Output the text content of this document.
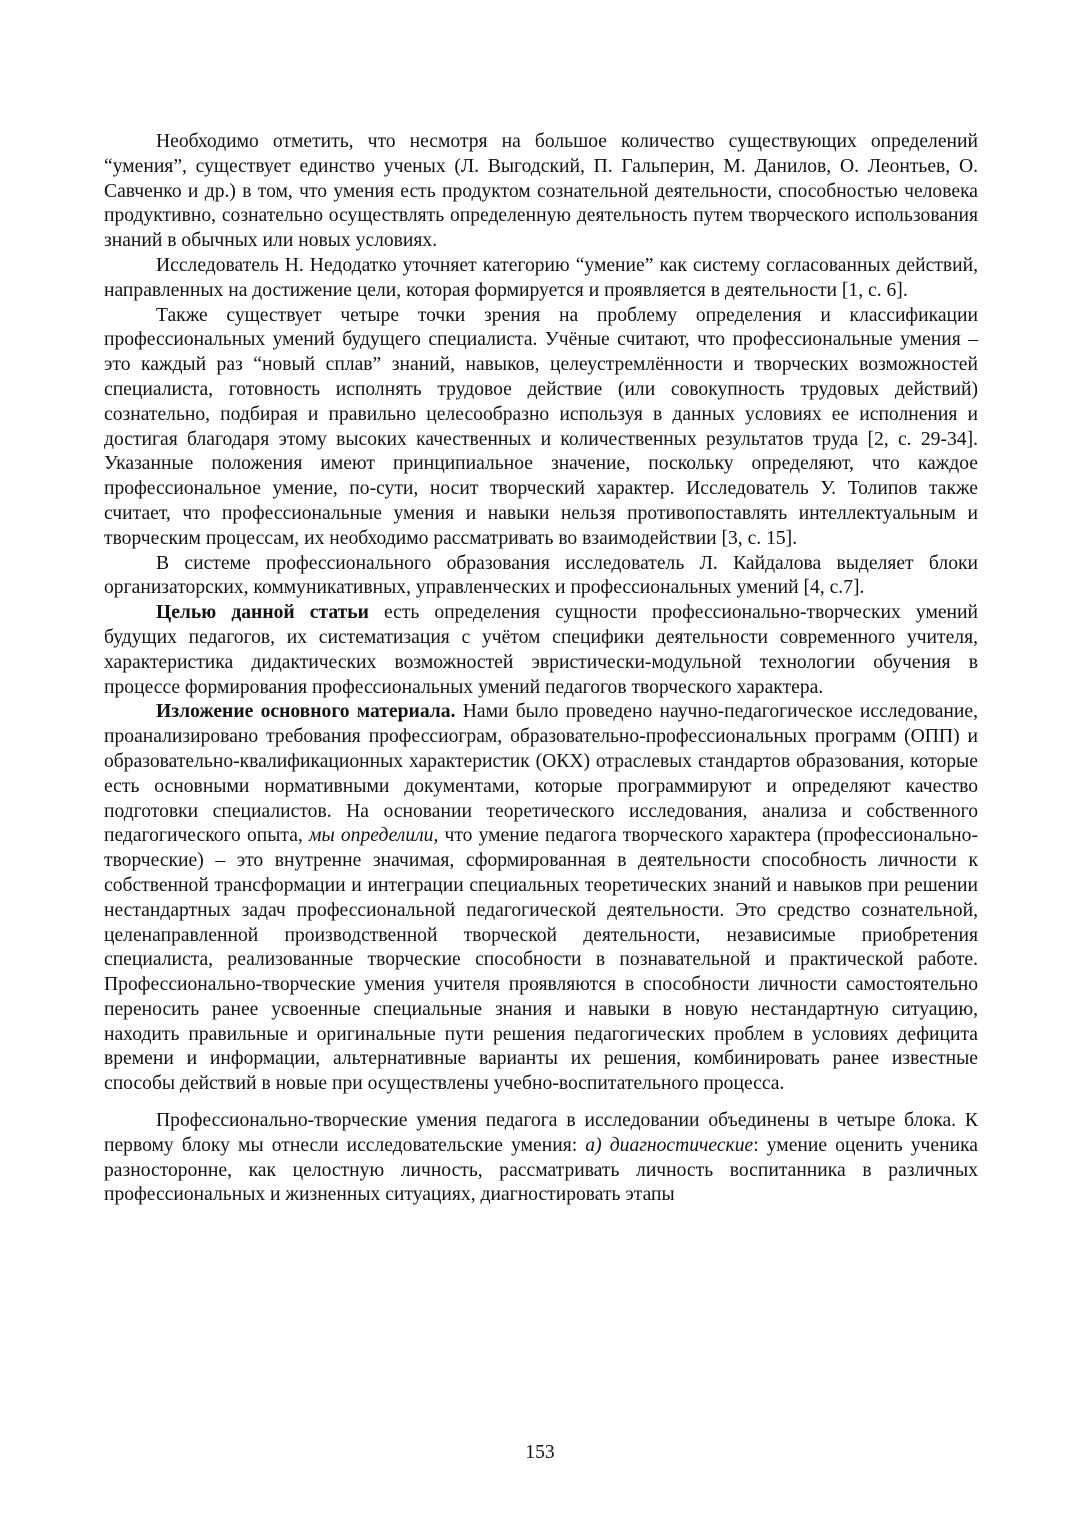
Необходимо отметить, что несмотря на большое количество существующих определений “умения”, существует единство ученых (Л. Выгодский, П. Гальперин, М. Данилов, О. Леонтьев, О. Савченко и др.) в том, что умения есть продуктом сознательной деятельности, способностью человека продуктивно, сознательно осуществлять определенную деятельность путем творческого использования знаний в обычных или новых условиях.

Исследователь Н. Недодатко уточняет категорию “умение” как систему согласованных действий, направленных на достижение цели, которая формируется и проявляется в деятельности [1, с. 6].

Также существует четыре точки зрения на проблему определения и классификации профессиональных умений будущего специалиста. Учёные считают, что профессиональные умения – это каждый раз “новый сплав” знаний, навыков, целеустремлённости и творческих возможностей специалиста, готовность исполнять трудовое действие (или совокупность трудовых действий) сознательно, подбирая и правильно целесообразно используя в данных условиях ее исполнения и достигая благодаря этому высоких качественных и количественных результатов труда [2, с. 29-34]. Указанные положения имеют принципиальное значение, поскольку определяют, что каждое профессиональное умение, по-сути, носит творческий характер. Исследователь У. Толипов также считает, что профессиональные умения и навыки нельзя противопоставлять интеллектуальным и творческим процессам, их необходимо рассматривать во взаимодействии [3, с. 15].

В системе профессионального образования исследователь Л. Кайдалова выделяет блоки организаторских, коммуникативных, управленческих и профессиональных умений [4, с.7].

Целью данной статьи есть определения сущности профессионально-творческих умений будущих педагогов, их систематизация с учётом специфики деятельности современного учителя, характеристика дидактических возможностей эвристически-модульной технологии обучения в процессе формирования профессиональных умений педагогов творческого характера.

Изложение основного материала. Нами было проведено научно-педагогическое исследование, проанализировано требования профессиограм, образовательно-профессиональных программ (ОПП) и образовательно-квалификационных характеристик (ОКХ) отраслевых стандартов образования, которые есть основными нормативными документами, которые программируют и определяют качество подготовки специалистов. На основании теоретического исследования, анализа и собственного педагогического опыта, мы определили, что умение педагога творческого характера (профессионально-творческие) – это внутренне значимая, сформированная в деятельности способность личности к собственной трансформации и интеграции специальных теоретических знаний и навыков при решении нестандартных задач профессиональной педагогической деятельности. Это средство сознательной, целенаправленной производственной творческой деятельности, независимые приобретения специалиста, реализованные творческие способности в познавательной и практической работе. Профессионально-творческие умения учителя проявляются в способности личности самостоятельно переносить ранее усвоенные специальные знания и навыки в новую нестандартную ситуацию, находить правильные и оригинальные пути решения педагогических проблем в условиях дефицита времени и информации, альтернативные варианты их решения, комбинировать ранее известные способы действий в новые при осуществлены учебно-воспитательного процесса.

Профессионально-творческие умения педагога в исследовании объединены в четыре блока. К первому блоку мы отнесли исследовательские умения: а) диагностические: умение оценить ученика разносторонне, как целостную личность, рассматривать личность воспитанника в различных профессиональных и жизненных ситуациях, диагностировать этапы

153
